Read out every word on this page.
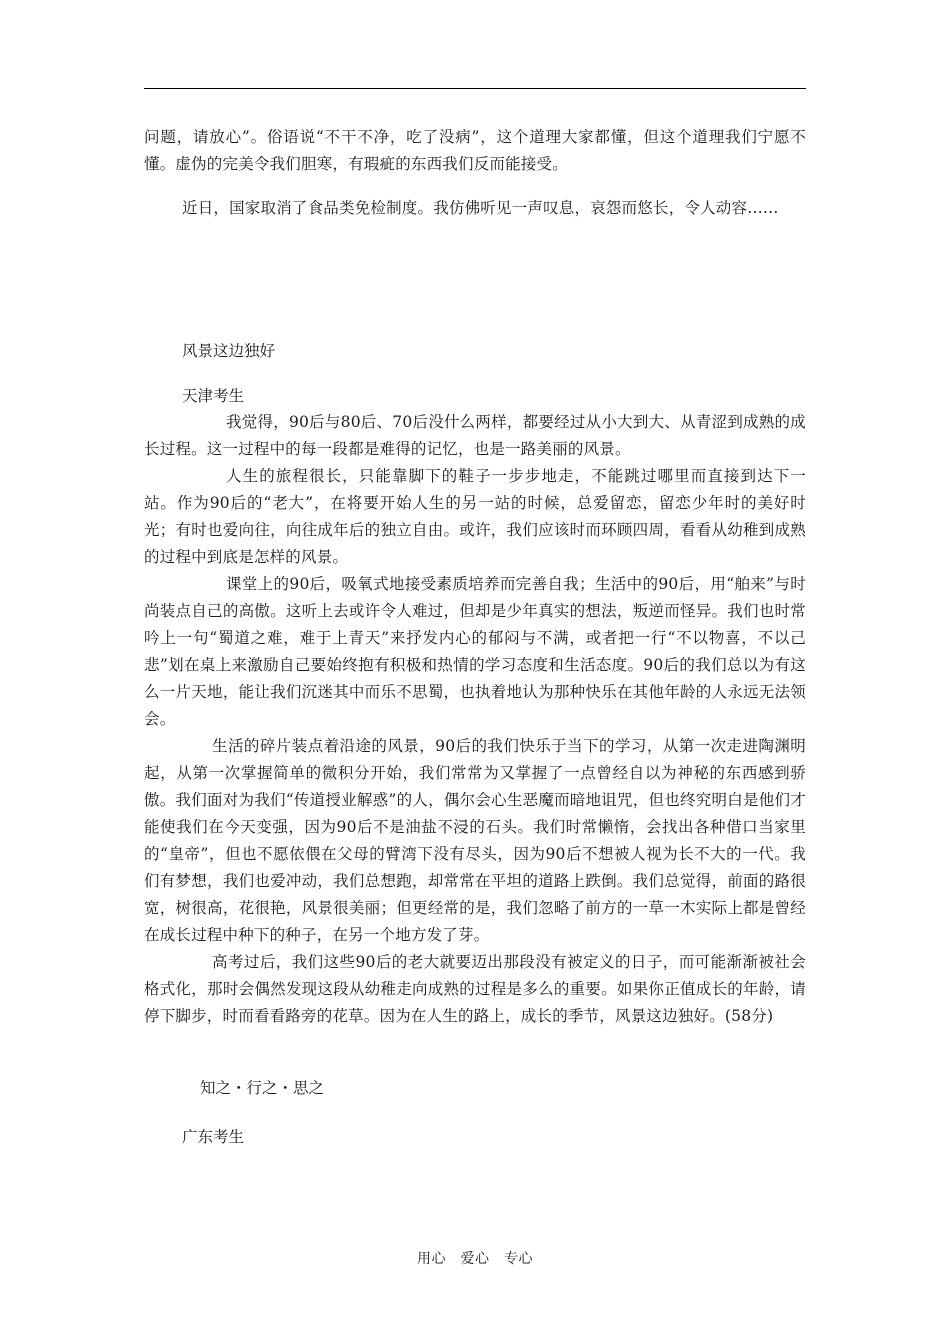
问题，请放心”。俗语说“不干不净，吃了没病”，这个道理大家都懂，但这个道理我们宁愿不懂。虚伪的完美令我们胆寒，有瑕疵的东西我们反而能接受。

近日，国家取消了食品类免检制度。我仿佛听见一声叹息，哀怨而悠长，令人动容……

风景这边独好
天津考生

我觉得，90后与80后、70后没什么两样，都要经过从小大到大、从青涩到成熟的成长过程。这一过程中的每一段都是难得的记忆，也是一路美丽的风景。

人生的旅程很长，只能靠脚下的鞋子一步步地走，不能跳过哪里而直接到达下一站。作为90后的“老大”，在将要开始人生的另一站的时候，总爱留恋，留恋少年时的美好时光；有时也爱向往，向往成年后的独立自由。或许，我们应该时而环顾四周，看看从幼稚到成熟的过程中到底是怎样的风景。

课堂上的90后，吸氧式地接受素质培养而完善自我；生活中的90后，用“舶来”与时尚装点自己的高傲。这听上去或许令人难过，但却是少年真实的想法，叛逆而怪异。我们也时常吟上一句“蜀道之难，难于上青天”来抒发内心的郁闷与不满，或者把一行“不以物喜，不以己悲”划在桌上来激励自己要始终抱有积极和热情的学习态度和生活态度。90后的我们总以为有这么一片天地，能让我们沉迷其中而乐不思蜀，也执着地认为那种快乐在其他年龄的人永远无法领会。

生活的碎片装点着沿途的风景，90后的我们快乐于当下的学习，从第一次走进陶渊明起，从第一次掌握简单的微积分开始，我们常常为又掌握了一点曾经自以为神秘的东西感到骄傲。我们面对为我们“传道授业解惑”的人，偶尔会心生恶魔而暗地诅咒，但也终究明白是他们才能使我们在今天变强，因为90后不是油盐不浸的石头。我们时常懒惰，会找出各种借口当家里的“皇帝”，但也不愿依偎在父母的臂湾下没有尽头，因为90后不想被人视为长不大的一代。我们有梦想，我们也爱冲动，我们总想跑，却常常在平坦的道路上跌倒。我们总觉得，前面的路很宽，树很高，花很艳，风景很美丽；但更经常的是，我们忽略了前方的一草一木实际上都是曾经在成长过程中种下的种子，在另一个地方发了芽。

高考过后，我们这些90后的老大就要迈出那段没有被定义的日子，而可能渐渐被社会格式化，那时会偶然发现这段从幼稚走向成熟的过程是多么的重要。如果你正值成长的年龄，请停下脚步，时而看看路旁的花草。因为在人生的路上，成长的季节，风景这边独好。(58分)

知之・行之・思之
广东考生
用心　爱心　专心
